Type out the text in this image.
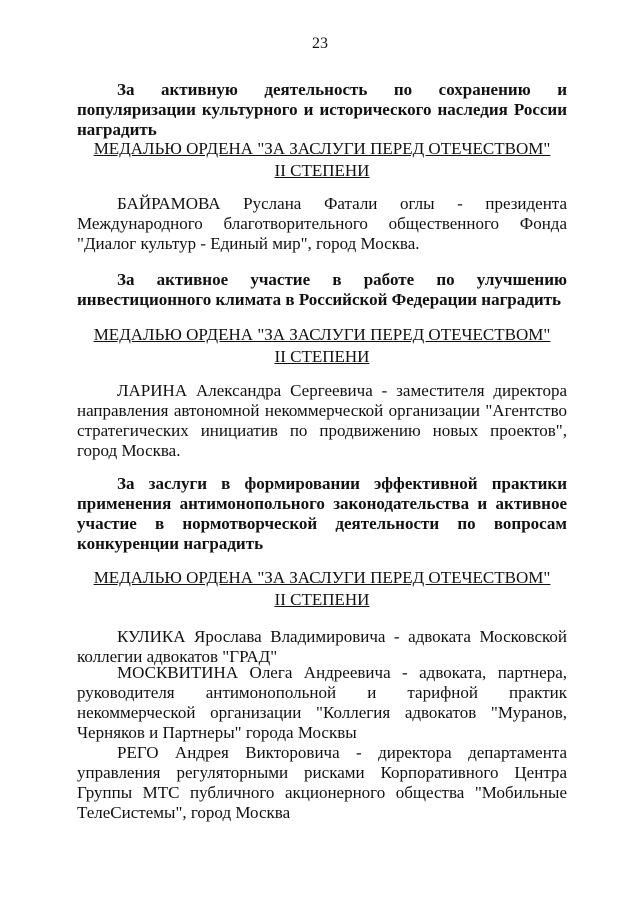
23
За активную деятельность по сохранению и популяризации культурного и исторического наследия России наградить
МЕДАЛЬЮ ОРДЕНА "ЗА ЗАСЛУГИ ПЕРЕД ОТЕЧЕСТВОМ"
II СТЕПЕНИ
БАЙРАМОВА Руслана Фатали оглы - президента Международного благотворительного общественного Фонда "Диалог культур - Единый мир", город Москва.
За активное участие в работе по улучшению инвестиционного климата в Российской Федерации наградить
МЕДАЛЬЮ ОРДЕНА "ЗА ЗАСЛУГИ ПЕРЕД ОТЕЧЕСТВОМ"
II СТЕПЕНИ
ЛАРИНА Александра Сергеевича - заместителя директора направления автономной некоммерческой организации "Агентство стратегических инициатив по продвижению новых проектов", город Москва.
За заслуги в формировании эффективной практики применения антимонопольного законодательства и активное участие в нормотворческой деятельности по вопросам конкуренции наградить
МЕДАЛЬЮ ОРДЕНА "ЗА ЗАСЛУГИ ПЕРЕД ОТЕЧЕСТВОМ"
II СТЕПЕНИ
КУЛИКА Ярослава Владимировича - адвоката Московской коллегии адвокатов "ГРАД"
МОСКВИТИНА Олега Андреевича - адвоката, партнера, руководителя антимонопольной и тарифной практик некоммерческой организации "Коллегия адвокатов "Муранов, Черняков и Партнеры" города Москвы
РЕГО Андрея Викторовича - директора департамента управления регуляторными рисками Корпоративного Центра Группы МТС публичного акционерного общества "Мобильные ТелеСистемы", город Москва
